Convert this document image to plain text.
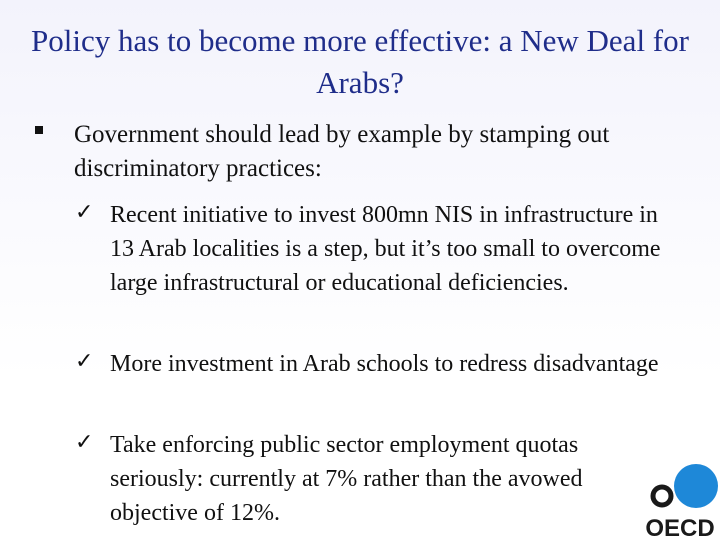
Policy has to become more effective: a New Deal for Arabs?
Government should lead by example by stamping out discriminatory practices:
✓ Recent initiative to invest 800mn NIS in infrastructure in 13 Arab localities is a step, but it’s too small to overcome large infrastructural or educational deficiencies.
✓ More investment in Arab schools to redress disadvantage
✓ Take enforcing public sector employment quotas seriously: currently at 7% rather than the avowed objective of 12%.
OECD
